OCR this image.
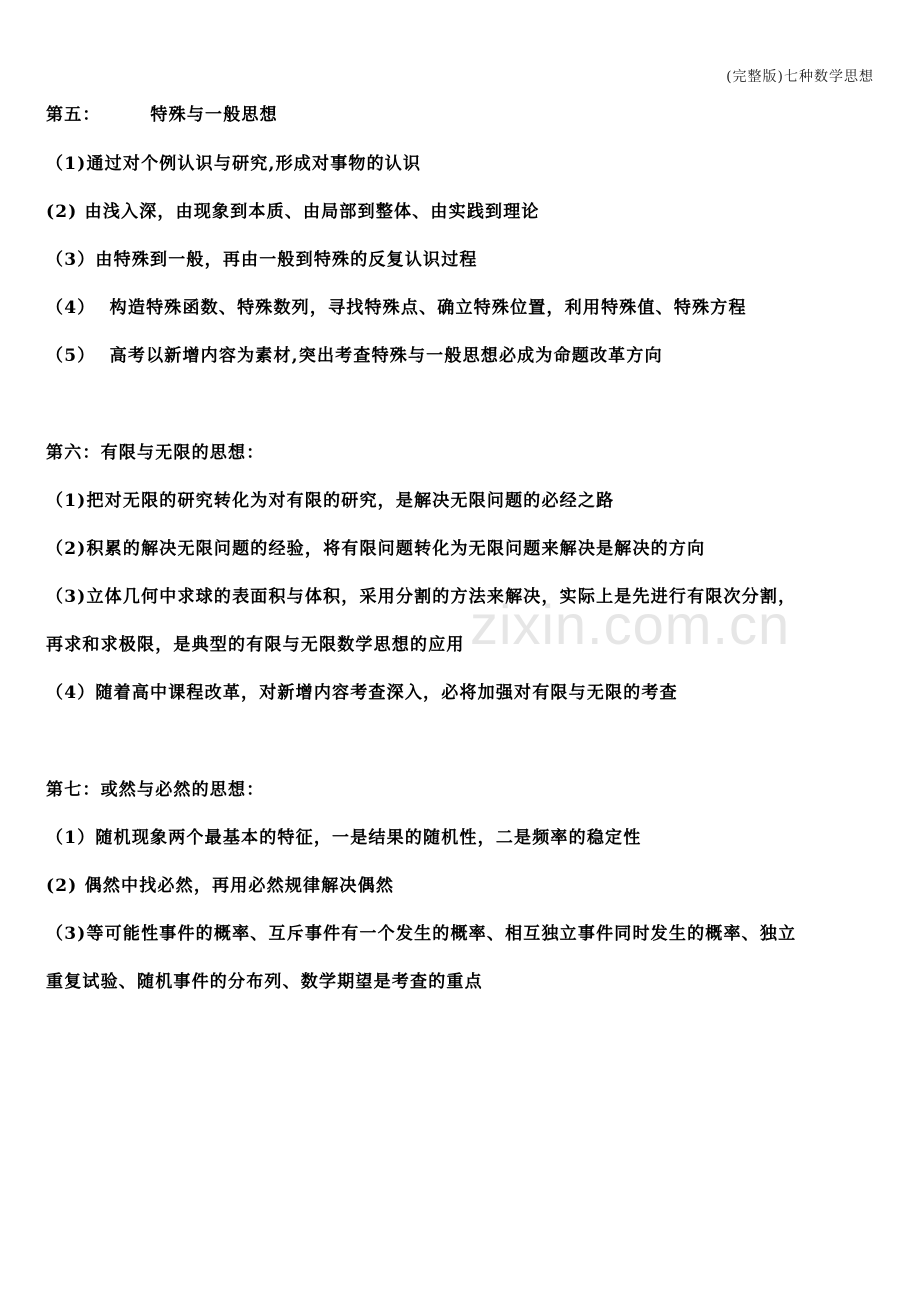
(完整版)七种数学思想
zixin.com.cn
第五：       特殊与一般思想
（1)通过对个例认识与研究,形成对事物的认识
(2) 由浅入深，由现象到本质、由局部到整体、由实践到理论
（3）由特殊到一般，再由一般到特殊的反复认识过程
（4）  构造特殊函数、特殊数列，寻找特殊点、确立特殊位置，利用特殊值、特殊方程
（5）  高考以新增内容为素材,突出考查特殊与一般思想必成为命题改革方向
第六：有限与无限的思想：
（1)把对无限的研究转化为对有限的研究，是解决无限问题的必经之路
（2)积累的解决无限问题的经验，将有限问题转化为无限问题来解决是解决的方向
（3)立体几何中求球的表面积与体积，采用分割的方法来解决，实际上是先进行有限次分割，
再求和求极限，是典型的有限与无限数学思想的应用
（4）随着高中课程改革，对新增内容考查深入，必将加强对有限与无限的考查
第七：或然与必然的思想：
（1）随机现象两个最基本的特征，一是结果的随机性，二是频率的稳定性
(2) 偶然中找必然，再用必然规律解决偶然
（3)等可能性事件的概率、互斥事件有一个发生的概率、相互独立事件同时发生的概率、独立
重复试验、随机事件的分布列、数学期望是考查的重点
